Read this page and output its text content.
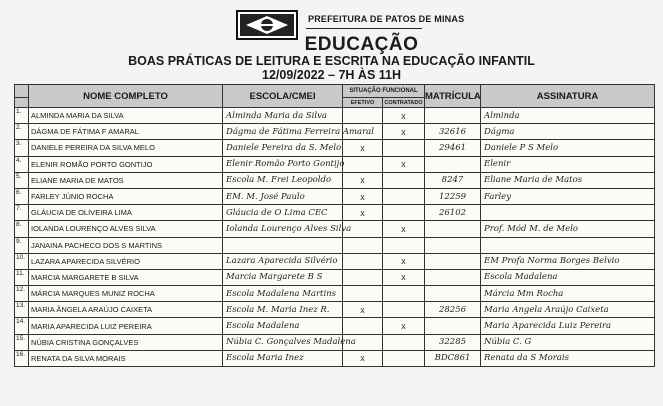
PREFEITURA DE PATOS DE MINAS
EDUCAÇÃO
BOAS PRÁTICAS DE LEITURA E ESCRITA NA EDUCAÇÃO INFANTIL
12/09/2022 – 7H ÀS 11H
	NOME COMPLETO	ESCOLA/CMEI	SITUAÇÃO FUNCIONAL		MATRÍCULA	ASSINATURA
			EFETIVO	CONTRATADO		
1.	ALMINDA MARIA DA SILVA	Alminda Maria da Silva		x		Alminda
2.	DÁGMA DE FÁTIMA F AMARAL	Dágma de Fátima Ferreira Amaral		x	32616	Dágma
3.	DANIELE PEREIRA DA SILVA MELO	Daniele Pereira da S. Melo	x		29461	Daniele P S Melo
4.	ELENIR ROMÃO PORTO GONTIJO	Elenir Romão Porto Gontijo		x		Elenir
5.	ELIANE MARIA DE MATOS	Escola M. Frei Leopoldo	x		8247	Eliane Maria de Matos
6.	FARLEY JÚNIO ROCHA	EM. M. José Paulo	x		12259	Farley
7.	GLÁUCIA DE OLIVEIRA LIMA	Gláucia de O Lima CEC	x		26102	
8.	IOLANDA LOURENÇO ALVES SILVA	Iolanda Lourenço Alves Silva		x		Prof. Mód M. de Melo
9.	JANAINA PACHECO DOS S MARTINS					
10.	LAZARA APARECIDA SILVÉRIO	Lazara Aparecida Silvério		x		EM Profa Norma Borges Belvio
11.	MARCIA MARGARETE B SILVA	Marcia Margarete B S		x		Escola Madalena
12.	MÁRCIA MARQUES MUNIZ ROCHA	Escola Madalena Martins				Márcia Mm Rocha
13.	MARIA ÂNGELA ARAÚJO CAIXETA	Escola M. Maria Inez R.	x		28256	Maria Angela Araújo Caixeta
14.	MARIA APARECIDA LUIZ PEREIRA	Escola Madalena		x		Maria Aparecida Luiz Pereira
15.	NÚBIA CRISTINA GONÇALVES	Núbia C. Gonçalves Madalena			32285	Núbia C. G
16.	RENATA DA SILVA MORAIS	Escola Maria Inez	x		BDC861	Renata da S Morais
